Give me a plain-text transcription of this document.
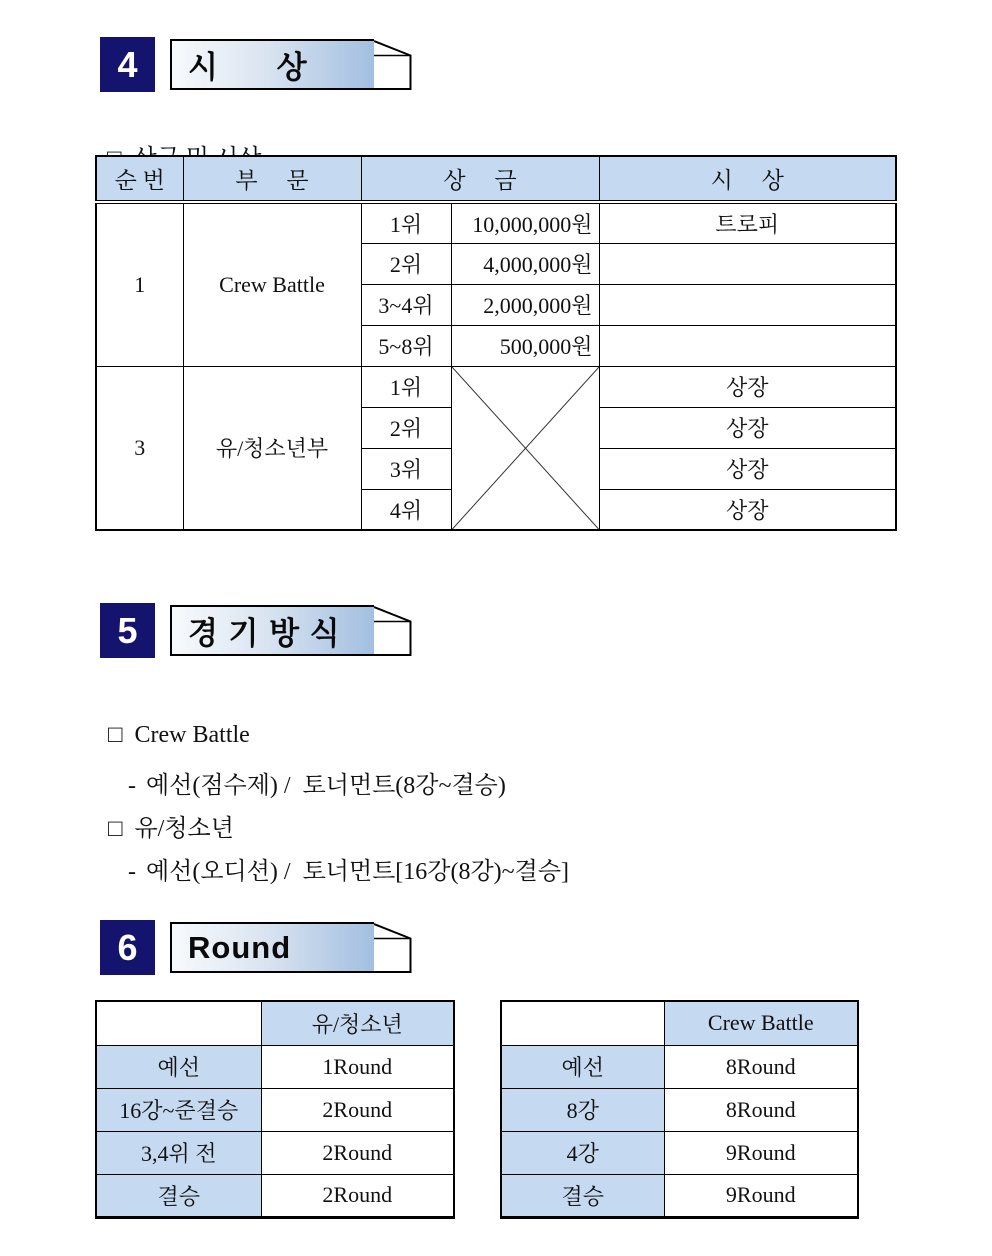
4	시      상

순 번	부     문	상     금		시     상
1	Crew Battle	1위	10,000,000원	트로피
		2위	4,000,000원	
		3~4위	2,000,000원	
		5~8위	500,000원	
3	유/청소년부	1위		상장
		2위		상장
		3위		상장
		4위		상장
5	경 기 방 식

□ Crew Battle

- 예선(점수제) /  토너먼트(8강~결승)

□ 유/청소년

- 예선(오디션) /  토너먼트[16강(8강)~결승]

6	Round
	유/청소년
예선	1Round
16강~준결승	2Round
3,4위 전	2Round
결승	2Round
	Crew Battle
예선	8Round
8강	8Round
4강	9Round
결승	9Round
